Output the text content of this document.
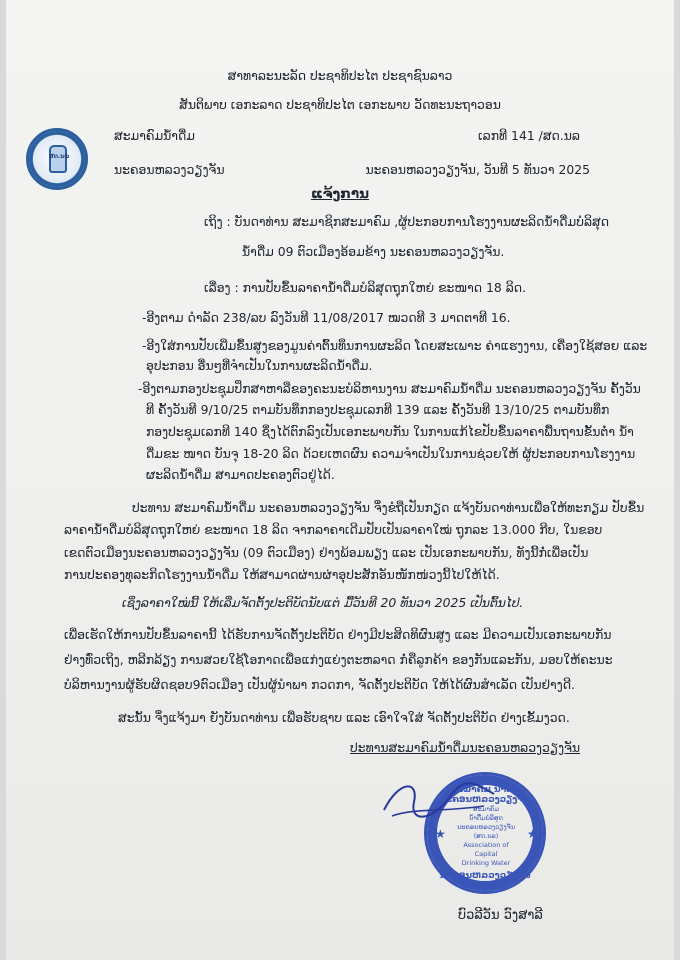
ສາທາລະນະລັດ ປະຊາທິປະໄຕ ປະຊາຊົນລາວ
ສັນຕິພາບ ເອກະລາດ ປະຊາທິປະໄຕ ເອກະພາບ ວັດທະນະຖາວອນ
ສດ.ນລ
ສະມາຄົມນໍ້າດື່ມ
ນະຄອນຫລວງວຽງຈັນ
ເລກທີ 141 /ສດ.ນລ
ນະຄອນຫລວງວຽງຈັນ, ວັນທີ 5 ທັນວາ 2025
ແຈ້ງການ
ເຖິງ : ບັນດາທ່ານ ສະມາຊິກສະມາຄົມ ,ຜູ້ປະກອບການໂຮງງານຜະລິດນໍ້າດື່ມບໍລິສຸດ
ນໍ້າດື່ມ 09 ຕົວເມືອງອ້ອມຂ້າງ ນະຄອນຫລວງວຽງຈັນ.
ເລື່ອງ : ການປັບຂຶ້ນລາຄານໍ້າດື່ມບໍລິສຸດຖຸກໃຫຍ່ ຂະໜາດ 18 ລິດ.
-ອີງຕາມ ດຳລັດ 238/ລບ ລົງວັນທີ 11/08/2017 ໝວດທີ 3 ມາດຕາທີ 16.
-ອີງໃສ່ການປັບເພີ່ມຂຶ້ນສູງຂອງມູນຄ່າຕົ້ນທຶນການຜະລິດ ໂດຍສະເພາະ ຄ່າແຮງງານ, ເຄື່ອງໃຊ້ສອຍ ແລະ
ອຸປະກອນ ອື່ນໆທີ່ຈຳເປັນໃນການຜະລິດນໍ້າດື່ມ.
-ອີງຕາມກອງປະຊຸມປຶກສາຫາລືຂອງຄະນະບໍລິຫານງານ ສະມາຄົມນໍ້າດື່ມ ນະຄອນຫລວງວຽງຈັນ ຄັ້ງວັນ
ທີ ຄັ້ງວັນທີ 9/10/25 ຕາມບັນທຶກກອງປະຊຸມເລກທີ 139 ແລະ ຄັ້ງວັນທີ 13/10/25 ຕາມບັນທຶກ
ກອງປະຊຸມເລກທີ 140 ຊຶ່ງໄດ້ຕົກລົງເປັນເອກະພາບກັນ ໃນການແກ້ໄຂປັບຂຶ້ນລາຄາພື້ນຖານຂັ້ນຕໍ່າ ນໍ້າ
ດື່ມຂະ ໜາດ ບັນຈຸ 18-20 ລິດ ດ້ວຍເຫດຜົນ ຄວາມຈຳເປັນໃນການຊ່ວຍໃຫ້ ຜູ້ປະກອບການໂຮງງານ
ຜະລິດນໍ້າດື່ມ ສາມາດປະຄອງຕົວຢູ່ໄດ້.
ປະທານ ສະມາຄົມນໍ້າດື່ມ ນະຄອນຫລວງວຽງຈັນ ຈຶ່ງຂໍຖືເປັນກຽດ ແຈ້ງບັນດາທ່ານເພື່ອໃຫ້ທະກຽມ ປັບຂຶ້ນ
ລາຄານໍ້າດື່ມບໍລິສຸດຖຸກໃຫຍ່ ຂະໜາດ 18 ລິດ ຈາກລາຄາເດີມປັບເປັນລາຄາໃໝ່ ຖຸກລະ 13.000 ກີບ, ໃນຂອບ
ເຂດຕົວເມືອງນະຄອນຫລວງວຽງຈັນ (09 ຕົວເມືອງ) ຢ່າງພ້ອມພຽງ ແລະ ເປັນເອກະພາບກັນ, ທັງນີ້ກໍ່ເພື່ອເປັນ
ການປະຄອງທຸລະກິດໂຮງງານນໍ້າດື່ມ ໃຫ້ສາມາດຜ່ານຜ່າອຸປະສັກອັນໜັກໜ່ວງນີ້ໄປໃຫ້ໄດ້.
ເຊິ່ງລາຄາໃໝ່ນີ້ ໃຫ້ເລີ່ມຈັດຕັ້ງປະຕິບັດນັບແຕ່ ມື້ວັນທີ 20 ທັນວາ 2025 ເປັນຕົ້ນໄປ.
ເພື່ອເຮັດໃຫ້ການປັບຂຶ້ນລາຄານີ້ ໄດ້ຮັບການຈັດຕັ້ງປະຕິບັດ ຢ່າງມີປະສິດທິຜົນສູງ ແລະ ມີຄວາມເປັນເອກະພາບກັນ
ຢ່າງທົ່ວເຖິງ, ຫລີກລ້ຽງ ການສວຍໃຊ້ໂອກາດເພື່ອແກ່ງແຍ່ງຕະຫລາດ ກໍ່ຄືລູກຄ້າ ຂອງກັນແລະກັນ, ມອບໃຫ້ຄະນະ
ບໍລິຫານງານຜູ້ຮັບຜິດຊອບ9ຕົວເມືອງ ເປັນຜູ້ນຳພາ ກວດກາ, ຈັດຕັ້ງປະຕິບັດ ໃຫ້ໄດ້ຜົນສຳເລັດ ເປັນຢ່າງດີ.
ສະນັ້ນ ຈຶ່ງແຈ້ງມາ ຍັງບັນດາທ່ານ ເພື່ອຮັບຊາບ ແລະ ເອົາໃຈໃສ່ ຈັດຕັ້ງປະຕິບັດ ຢ່າງເຂັ້ມງວດ.
ປະທານສະມາຄົມນໍ້າດື່ມນະຄອນຫລວງວຽງຈັນ
ສະມາຄົມ ນໍ້າດື່ມ ນະຄອນຫລວງວຽງຈັນ
ສະມາຄົມ
ນໍ້າດື່ມບໍລິສຸດ
ນະຄອນຫລວງວຽງຈັນ
(ສດ.ນລ)
Association of Capital
Drinking Water
ນະຄອນຫລວງວຽງຈັນ
★	★
ບົວລີວັນ ວົງສາລີ
